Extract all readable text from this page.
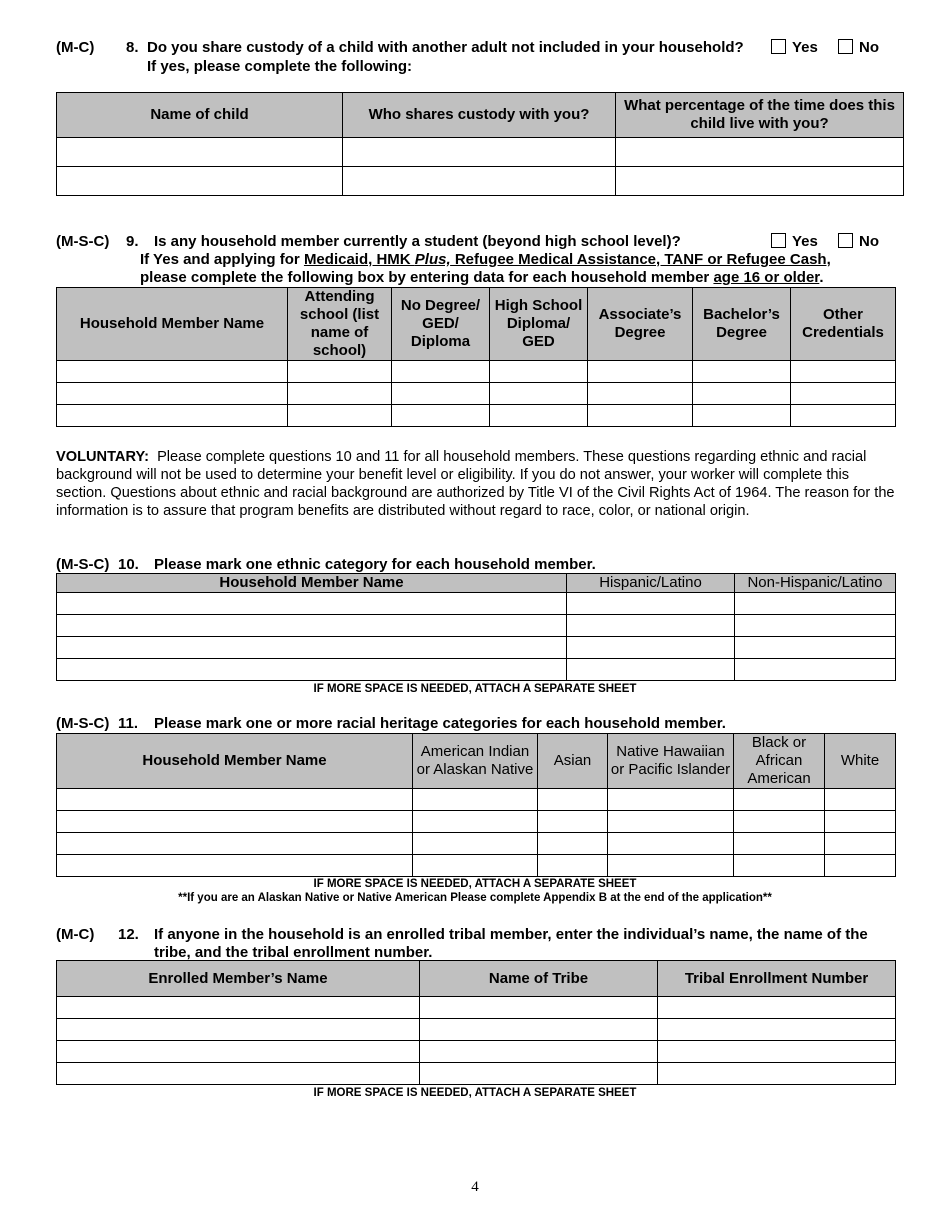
(M-C) 8. Do you share custody of a child with another adult not included in your household?	Yes	No
If yes, please complete the following:
Name of child	Who shares custody with you?	What percentage of the time does this child live with you?

(M-S-C) 9. Is any household member currently a student (beyond high school level)?	Yes	No
If Yes and applying for Medicaid, HMK Plus, Refugee Medical Assistance, TANF or Refugee Cash,
please complete the following box by entering data for each household member age 16 or older.
Household Member Name	Attending school (list name of school)	No Degree/ GED/ Diploma	High School Diploma/ GED	Associate’s Degree	Bachelor’s Degree	Other Credentials

VOLUNTARY: Please complete questions 10 and 11 for all household members. These questions regarding ethnic and racial background will not be used to determine your benefit level or eligibility. If you do not answer, your worker will complete this section. Questions about ethnic and racial background are authorized by Title VI of the Civil Rights Act of 1964. The reason for the information is to assure that program benefits are distributed without regard to race, color, or national origin.
(M-S-C) 10. Please mark one ethnic category for each household member.
Household Member Name	Hispanic/Latino	Non-Hispanic/Latino

IF MORE SPACE IS NEEDED, ATTACH A SEPARATE SHEET
(M-S-C) 11. Please mark one or more racial heritage categories for each household member.
Household Member Name	American Indian or Alaskan Native	Asian	Native Hawaiian or Pacific Islander	Black or African American	White

IF MORE SPACE IS NEEDED, ATTACH A SEPARATE SHEET
**If you are an Alaskan Native or Native American Please complete Appendix B at the end of the application**
(M-C) 12. If anyone in the household is an enrolled tribal member, enter the individual’s name, the name of the tribe, and the tribal enrollment number.
Enrolled Member’s Name	Name of Tribe	Tribal Enrollment Number

IF MORE SPACE IS NEEDED, ATTACH A SEPARATE SHEET
4
